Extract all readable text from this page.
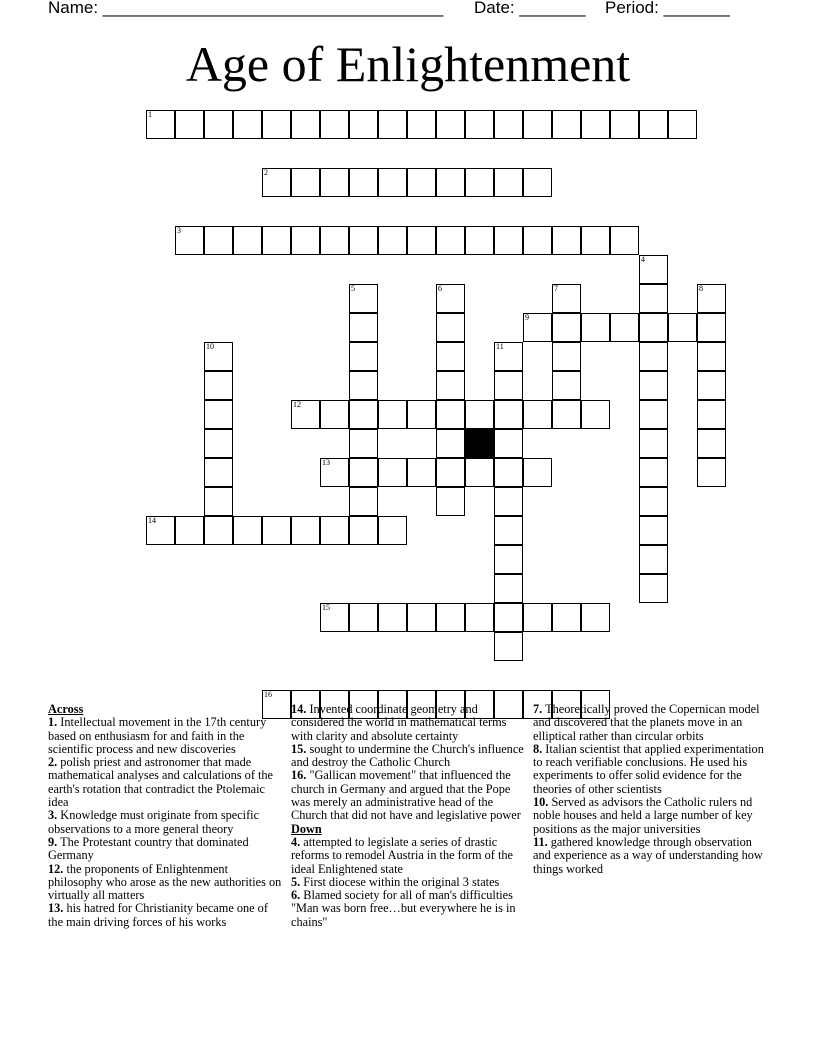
Name: ____________________________________ Date: _______ Period: _______
Age of Enlightenment
1
2
3
4
5	6	7	8
9
10	11
12
13
14
15
16

Across

1. Intellectual movement in the 17th century based on enthusiasm for and faith in the scientific process and new discoveries

2. polish priest and astronomer that made mathematical analyses and calculations of the earth's rotation that contradict the Ptolemaic idea

3. Knowledge must originate from specific observations to a more general theory

9. The Protestant country that dominated Germany

12. the proponents of Enlightenment philosophy who arose as the new authorities on virtually all matters

13. his hatred for Christianity became one of the main driving forces of his works

14. Invented coordinate geometry and considered the world in mathematical terms with clarity and absolute certainty

15. sought to undermine the Church's influence and destroy the Catholic Church

16. "Gallican movement" that influenced the church in Germany and argued that the Pope was merely an administrative head of the Church that did not have and legislative power

Down

4. attempted to legislate a series of drastic reforms to remodel Austria in the form of the ideal Enlightened state

5. First diocese within the original 3 states

6. Blamed society for all of man's difficulties "Man was born free…but everywhere he is in chains"

7. Theoretically proved the Copernican model and discovered that the planets move in an elliptical rather than circular orbits

8. Italian scientist that applied experimentation to reach verifiable conclusions. He used his experiments to offer solid evidence for the theories of other scientists

10. Served as advisors the Catholic rulers nd noble houses and held a large number of key positions as the major universities

11. gathered knowledge through observation and experience as a way of understanding how things worked
